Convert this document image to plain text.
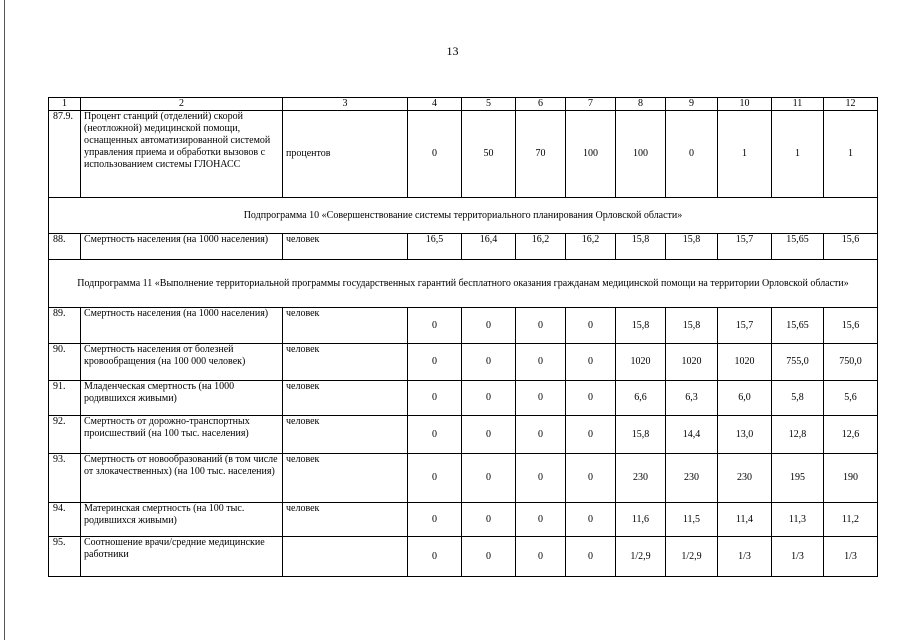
13
1	2	3	4	5	6	7	8	9	10	11	12
87.9.	Процент станций (отделений) скорой (неотложной) медицинской помощи, оснащенных автоматизированной системой управления приема и обработки вызовов с использованием системы ГЛОНАСС	процентов	0	50	70	100	100	0	1	1	1
Подпрограмма 10 «Совершенствование системы территориального планирования Орловской области»											
88.	Смертность населения (на 1000 населения)	человек	16,5	16,4	16,2	16,2	15,8	15,8	15,7	15,65	15,6
Подпрограмма 11 «Выполнение территориальной программы государственных гарантий бесплатного оказания гражданам медицинской помощи на территории Орловской области»											
89.	Смертность населения (на 1000 населения)	человек	0	0	0	0	15,8	15,8	15,7	15,65	15,6
90.	Смертность населения от болезней кровообращения (на 100 000 человек)	человек	0	0	0	0	1020	1020	1020	755,0	750,0
91.	Младенческая смертность (на 1000 родившихся живыми)	человек	0	0	0	0	6,6	6,3	6,0	5,8	5,6
92.	Смертность от дорожно-транспортных происшествий (на 100 тыс. населения)	человек	0	0	0	0	15,8	14,4	13,0	12,8	12,6
93.	Смертность от новообразований (в том числе от злокачественных) (на 100 тыс. населения)	человек	0	0	0	0	230	230	230	195	190
94.	Материнская смертность (на 100 тыс. родившихся живыми)	человек	0	0	0	0	11,6	11,5	11,4	11,3	11,2
95.	Соотношение врачи/средние медицинские работники		0	0	0	0	1/2,9	1/2,9	1/3	1/3	1/3
